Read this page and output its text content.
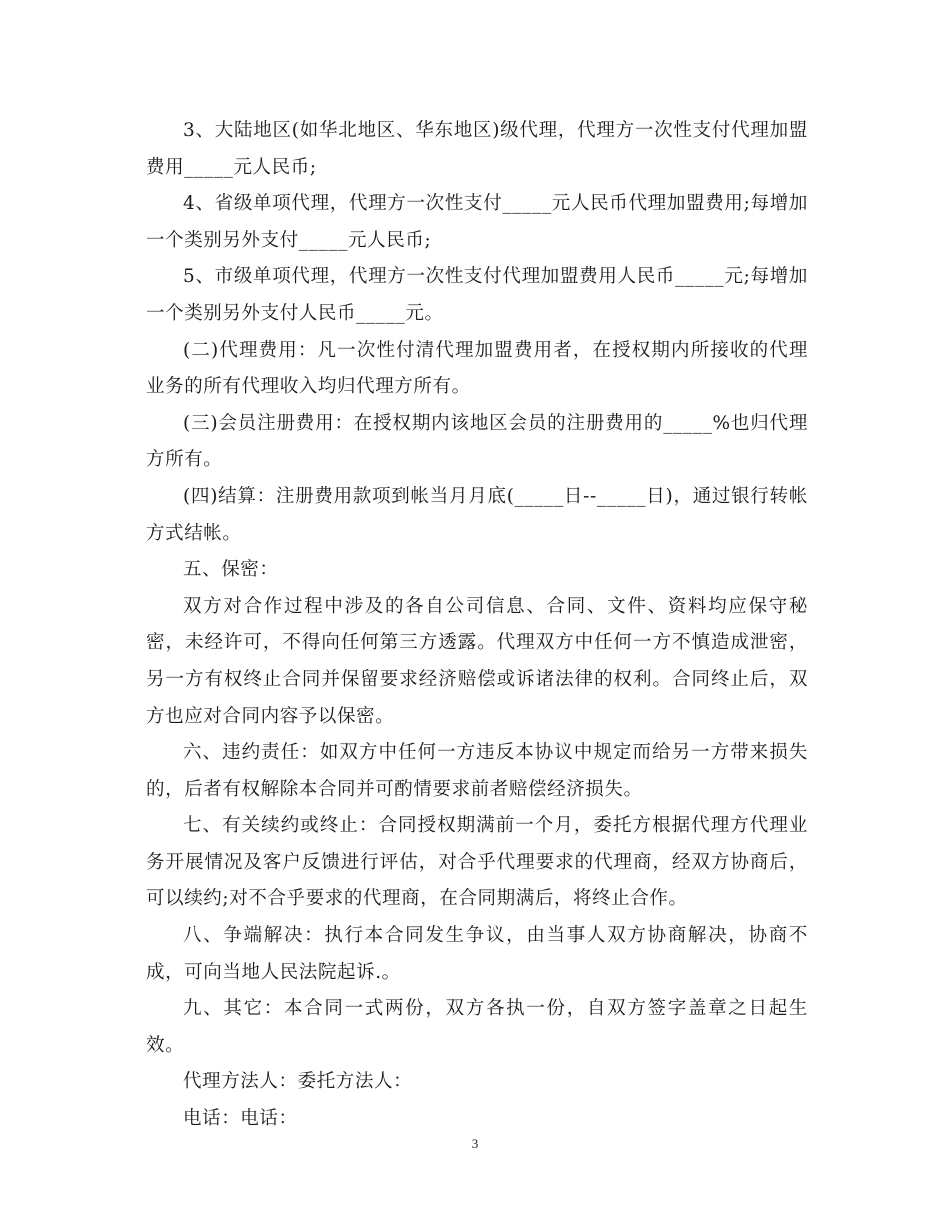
3、大陆地区(如华北地区、华东地区)级代理，代理方一次性支付代理加盟费用_____元人民币;

4、省级单项代理，代理方一次性支付_____元人民币代理加盟费用;每增加一个类别另外支付_____元人民币;

5、市级单项代理，代理方一次性支付代理加盟费用人民币_____元;每增加一个类别另外支付人民币_____元。

(二)代理费用：凡一次性付清代理加盟费用者，在授权期内所接收的代理业务的所有代理收入均归代理方所有。

(三)会员注册费用：在授权期内该地区会员的注册费用的_____%也归代理方所有。

(四)结算：注册费用款项到帐当月月底(_____日--_____日)，通过银行转帐方式结帐。

五、保密：

双方对合作过程中涉及的各自公司信息、合同、文件、资料均应保守秘密，未经许可，不得向任何第三方透露。代理双方中任何一方不慎造成泄密，另一方有权终止合同并保留要求经济赔偿或诉诸法律的权利。合同终止后，双方也应对合同内容予以保密。

六、违约责任：如双方中任何一方违反本协议中规定而给另一方带来损失的，后者有权解除本合同并可酌情要求前者赔偿经济损失。

七、有关续约或终止：合同授权期满前一个月，委托方根据代理方代理业务开展情况及客户反馈进行评估，对合乎代理要求的代理商，经双方协商后，可以续约;对不合乎要求的代理商，在合同期满后，将终止合作。

八、争端解决：执行本合同发生争议，由当事人双方协商解决，协商不成，可向当地人民法院起诉.。

九、其它：本合同一式两份，双方各执一份，自双方签字盖章之日起生效。

代理方法人：委托方法人：

电话：电话：

3
